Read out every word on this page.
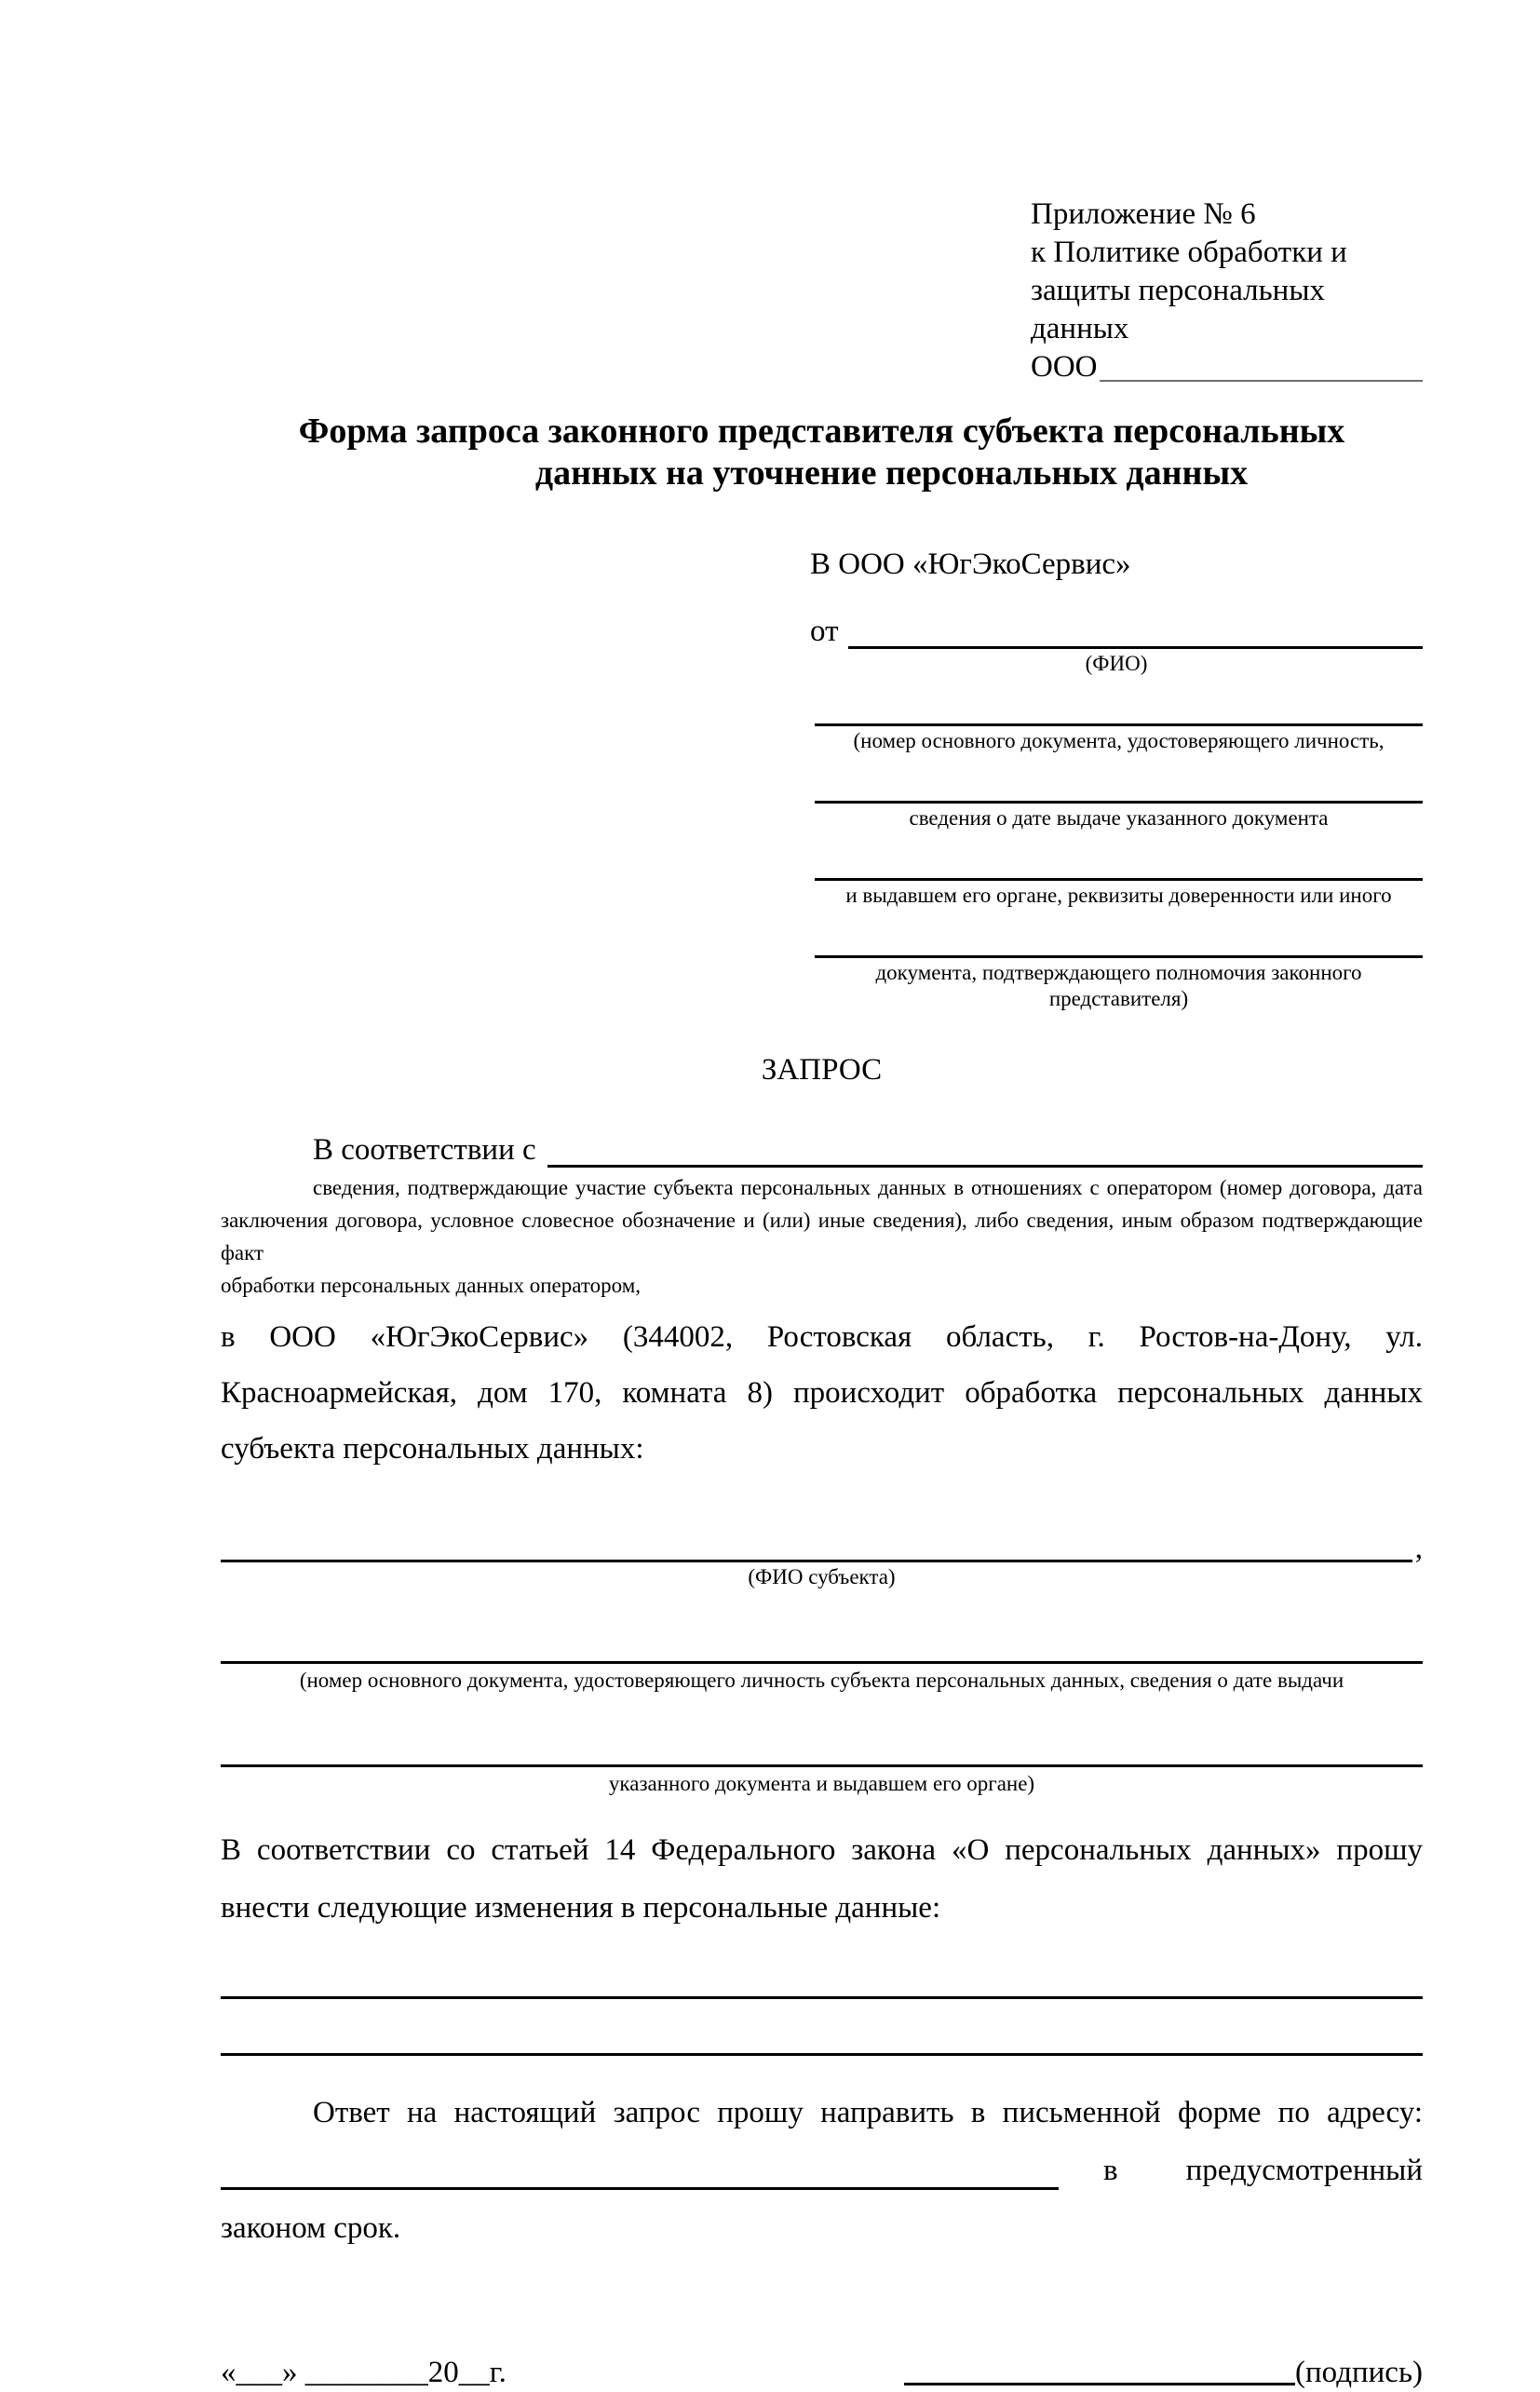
Приложение № 6
к Политике обработки и
защиты персональных данных
ООО
Форма запроса законного представителя субъекта персональных
данных на уточнение персональных данных
В ООО «ЮгЭкоСервис»
от
(ФИО)
(номер основного документа, удостоверяющего личность,
сведения о дате выдаче указанного документа
и выдавшем его органе, реквизиты доверенности или иного
документа, подтверждающего полномочия законного представителя)
ЗАПРОС
В соответствии с
сведения, подтверждающие участие субъекта персональных данных в отношениях с оператором (номер договора, дата
заключения договора, условное словесное обозначение и (или) иные сведения), либо сведения, иным образом подтверждающие факт
обработки персональных данных оператором,
в ООО «ЮгЭкоСервис» (344002, Ростовская область, г. Ростов-на-Дону, ул.
Красноармейская, дом 170, комната 8) происходит обработка персональных данных
субъекта персональных данных:
,
(ФИО субъекта)
(номер основного документа, удостоверяющего личность субъекта персональных данных, сведения о дате выдачи
указанного документа и выдавшем его органе)
В соответствии со статьей 14 Федерального закона «О персональных данных» прошу
внести следующие изменения в персональные данные:
Ответ на настоящий запрос прошу направить в письменной форме по адресу:
в предусмотренный
законом срок.
«___» ________20__г.	(подпись)
